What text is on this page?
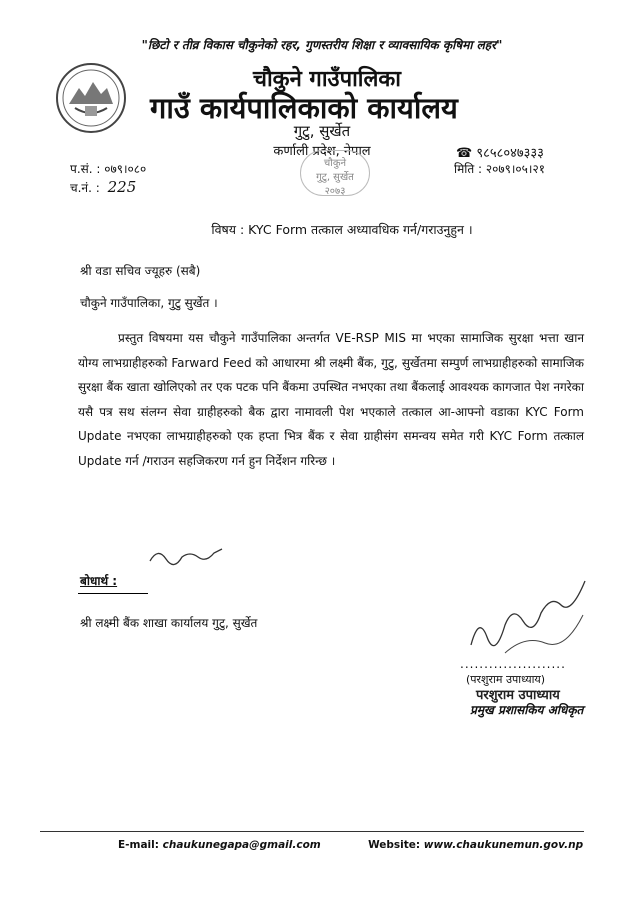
"छिटो र तीव्र विकास चौकुनेको रहर, गुणस्तरीय शिक्षा र व्यावसायिक कृषिमा लहर"
चौकुने गाउँपालिका
गाउँ कार्यपालिकाको कार्यालय
गुटु, सुर्खेत
कर्णाली प्रदेश, नेपाल	☎ ९८५८०४७३३३
चौकुने
गुटु, सुर्खेत
२०७३
प.सं. : ०७९।०८०
च.नं. : 225
मिति : २०७९।०५।२१
विषय : KYC Form तत्काल अध्यावधिक गर्न/गराउनुहुन ।
श्री वडा सचिव ज्यूहरु (सबै)
चौकुने गाउँपालिका, गुटु सुर्खेत ।
प्रस्तुत विषयमा यस चौकुने गाउँपालिका अन्तर्गत VE-RSP MIS मा भएका सामाजिक सुरक्षा भत्ता खान योग्य लाभग्राहीहरुको Farward Feed को आधारमा श्री लक्ष्मी बैंक, गुटु, सुर्खेतमा सम्पुर्ण लाभग्राहीहरुको सामाजिक सुरक्षा बैंक खाता खोलिएको तर एक पटक पनि बैंकमा उपस्थित नभएका तथा बैंकलाई आवश्यक कागजात पेश नगरेका यसै पत्र सथ संलग्न सेवा ग्राहीहरुको बैक द्वारा नामावली पेश भएकाले तत्काल आ-आफ्नो वडाका KYC Form Update नभएका लाभग्राहीहरुको एक हप्ता भित्र बैंक र सेवा ग्राहीसंग समन्वय समेत गरी KYC Form तत्काल Update गर्न /गराउन सहजिकरण गर्न हुन निर्देशन गरिन्छ ।
बोधार्थ :
श्री लक्ष्मी बैंक शाखा कार्यालय गुटु, सुर्खेत
......................
(परशुराम उपाध्याय)
परशुराम उपाध्याय
प्रमुख प्रशासकिय अधिकृत
E-mail: chaukunegapa@gmail.com	Website: www.chaukunemun.gov.np
